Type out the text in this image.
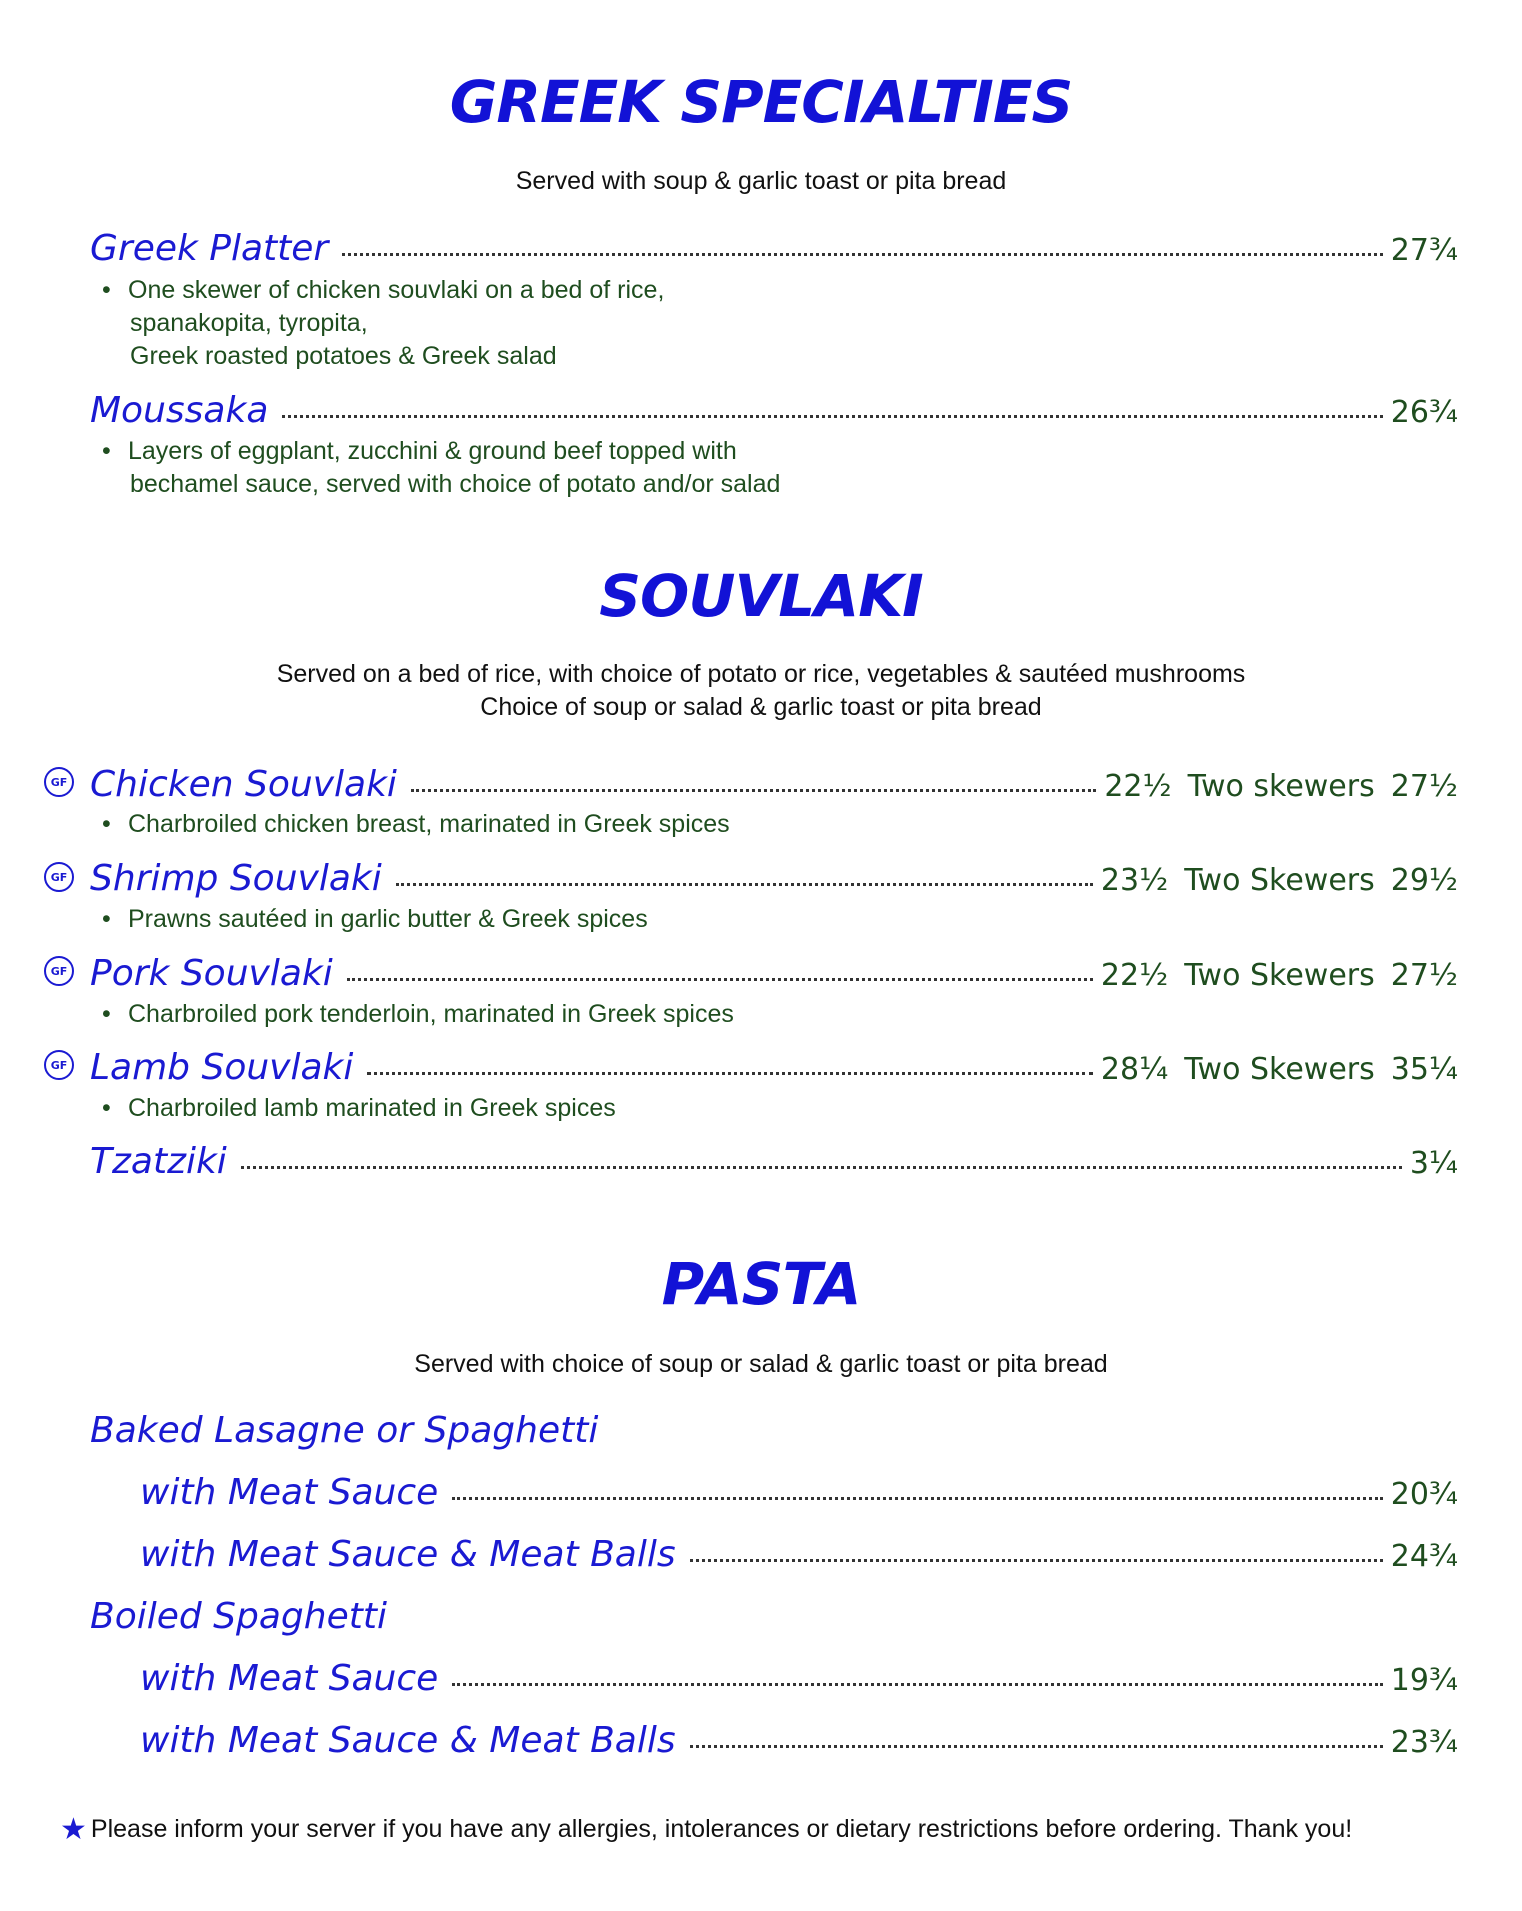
GREEK SPECIALTIES

Served with soup & garlic toast or pita bread

Greek Platter	27¾
• One skewer of chicken souvlaki on a bed of rice,
spanakopita, tyropita,
Greek roasted potatoes & Greek salad
Moussaka	26¾
• Layers of eggplant, zucchini & ground beef topped with
bechamel sauce, served with choice of potato and/or salad
SOUVLAKI

Served on a bed of rice, with choice of potato or rice, vegetables & sautéed mushrooms

Choice of soup or salad & garlic toast or pita bread

GF Chicken Souvlaki	22½ Two skewers 27½
• Charbroiled chicken breast, marinated in Greek spices
GF Shrimp Souvlaki	23½ Two Skewers 29½
• Prawns sautéed in garlic butter & Greek spices
GF Pork Souvlaki	22½ Two Skewers 27½
• Charbroiled pork tenderloin, marinated in Greek spices
GF Lamb Souvlaki	28¼ Two Skewers 35¼
• Charbroiled lamb marinated in Greek spices
Tzatziki	3¼
PASTA

Served with choice of soup or salad & garlic toast or pita bread

Baked Lasagne or Spaghetti
with Meat Sauce	20¾
with Meat Sauce & Meat Balls	24¾
Boiled Spaghetti
with Meat Sauce	19¾
with Meat Sauce & Meat Balls	23¾
★ Please inform your server if you have any allergies, intolerances or dietary restrictions before ordering. Thank you!
